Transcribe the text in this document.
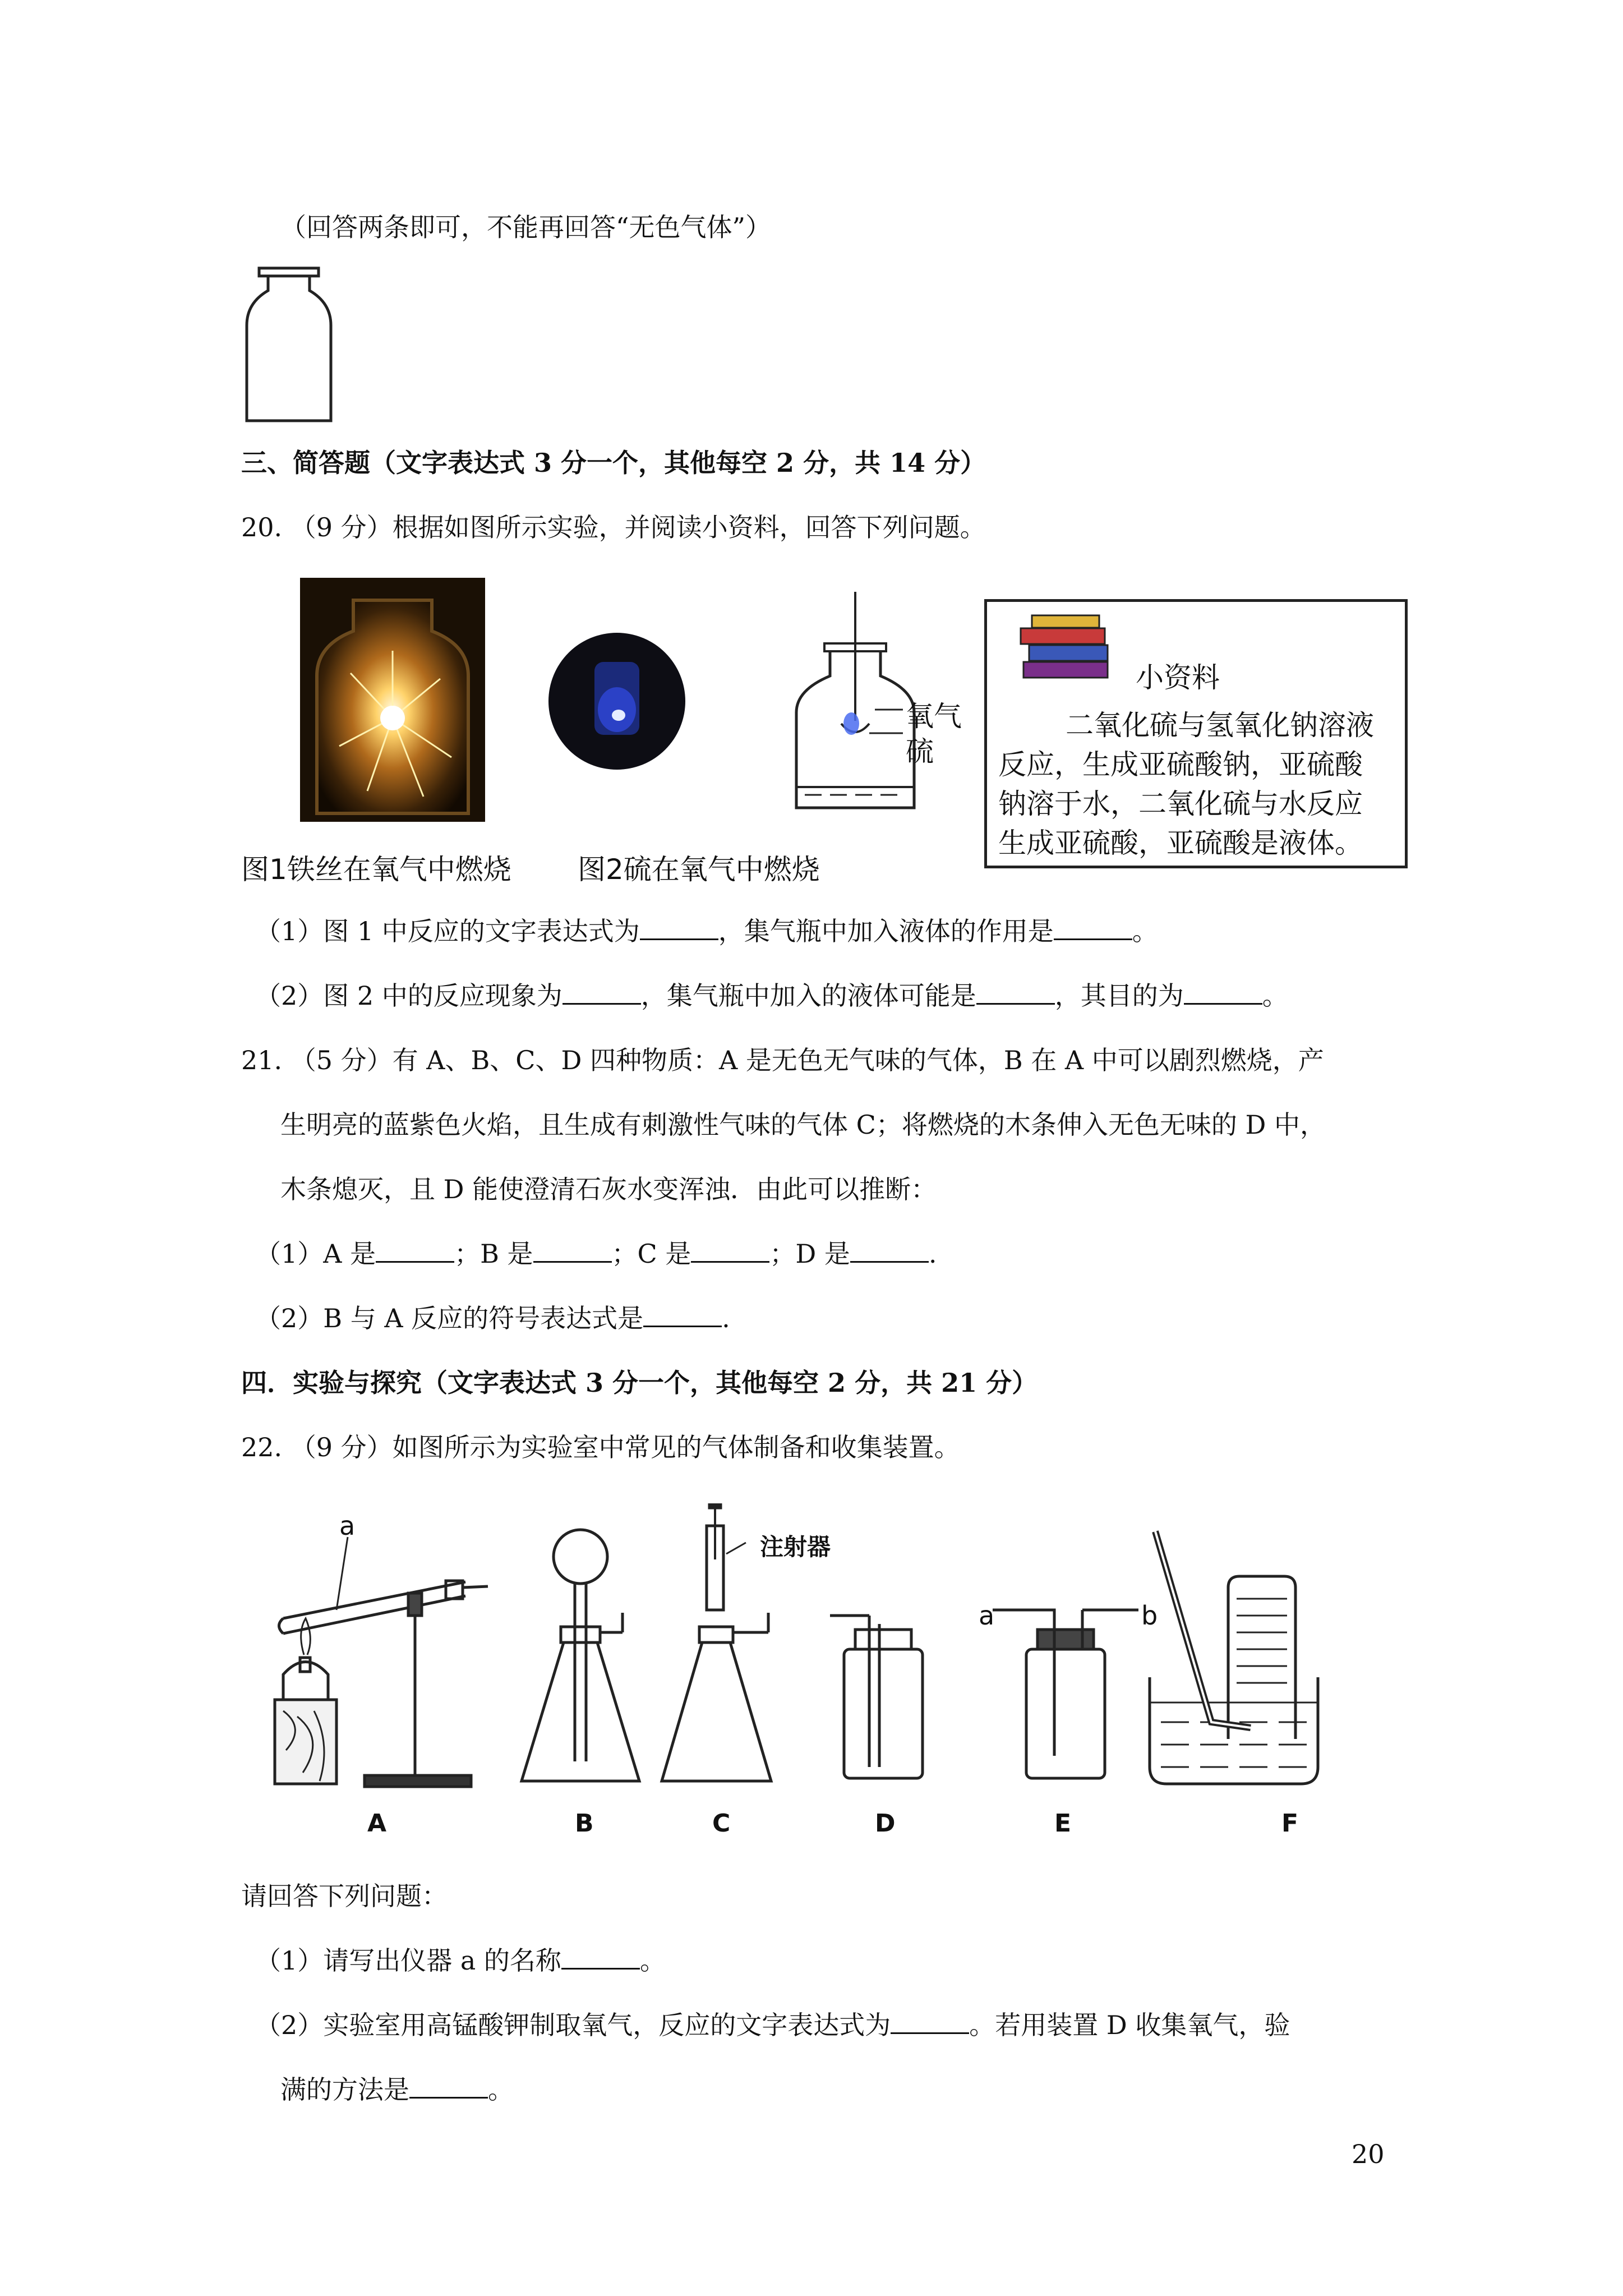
（回答两条即可，不能再回答“无色气体”）
三、简答题（文字表达式 3 分一个，其他每空 2 分，共 14 分）
20. （9 分）根据如图所示实验，并阅读小资料，回答下列问题。
氧气
硫
小资料
二氧化硫与氢氧化钠溶液
反应，生成亚硫酸钠，亚硫酸
钠溶于水，二氧化硫与水反应
生成亚硫酸，亚硫酸是液体。
图1铁丝在氧气中燃烧 图2硫在氧气中燃烧
（1）图 1 中反应的文字表达式为	，集气瓶中加入液体的作用是	。
（2）图 2 中的反应现象为	，集气瓶中加入的液体可能是	，其目的为	。
21. （5 分）有 A、B、C、D 四种物质：A 是无色无气味的气体，B 在 A 中可以剧烈燃烧，产
生明亮的蓝紫色火焰，且生成有刺激性气味的气体 C；将燃烧的木条伸入无色无味的 D 中，
木条熄灭，且 D 能使澄清石灰水变浑浊．由此可以推断：
（1）A 是	；B 是	；C 是	；D 是	.
（2）B 与 A 反应的符号表达式是	.
四．实验与探究（文字表达式 3 分一个，其他每空 2 分，共 21 分）
22. （9 分）如图所示为实验室中常见的气体制备和收集装置。
a
注射器
a	b
A	B	C	D	E	F
请回答下列问题：
（1）请写出仪器 a 的名称	。
（2）实验室用高锰酸钾制取氧气，反应的文字表达式为	。若用装置 D 收集氧气，验
满的方法是	。
20
